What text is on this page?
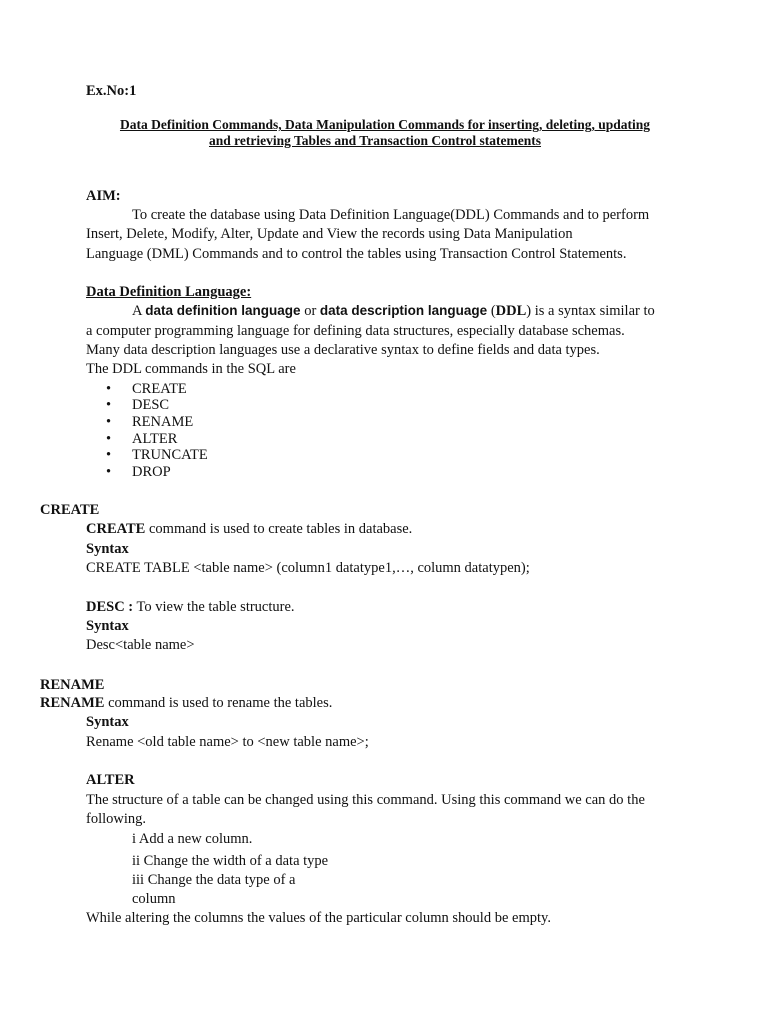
Ex.No:1
Data Definition Commands, Data Manipulation Commands for inserting, deleting, updating
and retrieving Tables and Transaction Control statements
AIM:
To create the database using Data Definition Language(DDL) Commands and to perform
Insert, Delete, Modify, Alter, Update and View the records using Data Manipulation
Language (DML) Commands and to control the tables using Transaction Control Statements.
Data Definition Language:
A data definition language or data description language (DDL) is a syntax similar to
a computer programming language for defining data structures, especially database schemas.
Many data description languages use a declarative syntax to define fields and data types.
The DDL commands in the SQL are
• CREATE
• DESC
• RENAME
• ALTER
• TRUNCATE
• DROP
CREATE
CREATE command is used to create tables in database.
Syntax
CREATE TABLE <table name> (column1 datatype1,…, column datatypen);
DESC : To view the table structure.
Syntax
Desc<table name>
RENAME
RENAME command is used to rename the tables.
Syntax
Rename <old table name> to <new table name>;
ALTER
The structure of a table can be changed using this command. Using this command we can do the
following.
i Add a new column.
ii Change the width of a data type
iii Change the data type of a
column
While altering the columns the values of the particular column should be empty.
